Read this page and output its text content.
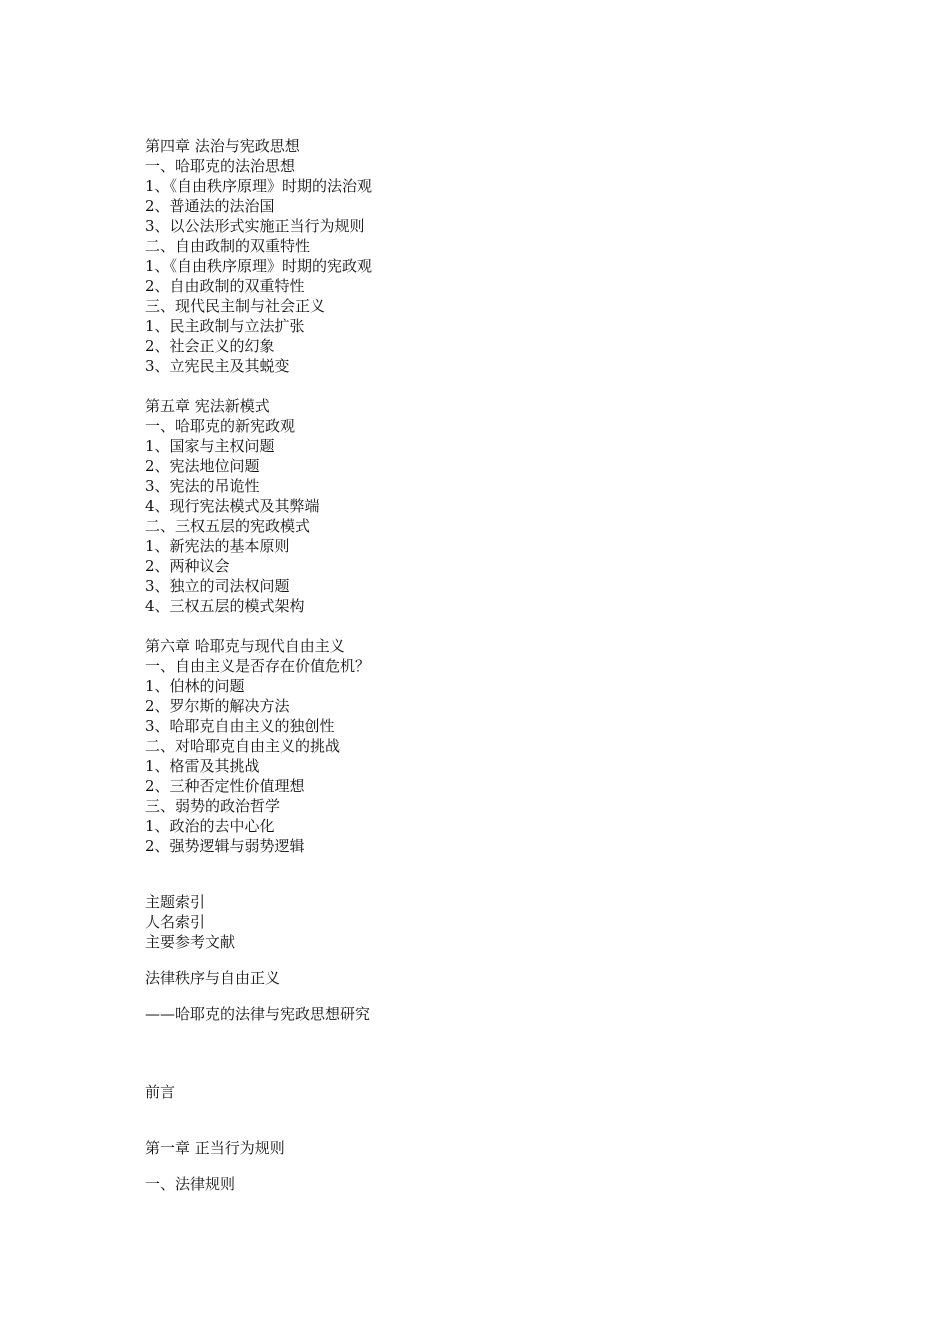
第四章 法治与宪政思想
一、哈耶克的法治思想
1、《自由秩序原理》时期的法治观
2、普通法的法治国
3、以公法形式实施正当行为规则
二、自由政制的双重特性
1、《自由秩序原理》时期的宪政观
2、自由政制的双重特性
三、现代民主制与社会正义
1、民主政制与立法扩张
2、社会正义的幻象
3、立宪民主及其蜕变
第五章 宪法新模式
一、哈耶克的新宪政观
1、国家与主权问题
2、宪法地位问题
3、宪法的吊诡性
4、现行宪法模式及其弊端
二、三权五层的宪政模式
1、新宪法的基本原则
2、两种议会
3、独立的司法权问题
4、三权五层的模式架构
第六章 哈耶克与现代自由主义
一、自由主义是否存在价值危机？
1、伯林的问题
2、罗尔斯的解决方法
3、哈耶克自由主义的独创性
二、对哈耶克自由主义的挑战
1、格雷及其挑战
2、三种否定性价值理想
三、弱势的政治哲学
1、政治的去中心化
2、强势逻辑与弱势逻辑
主题索引
人名索引
主要参考文献
法律秩序与自由正义
——哈耶克的法律与宪政思想研究
前言
第一章 正当行为规则
一、法律规则
